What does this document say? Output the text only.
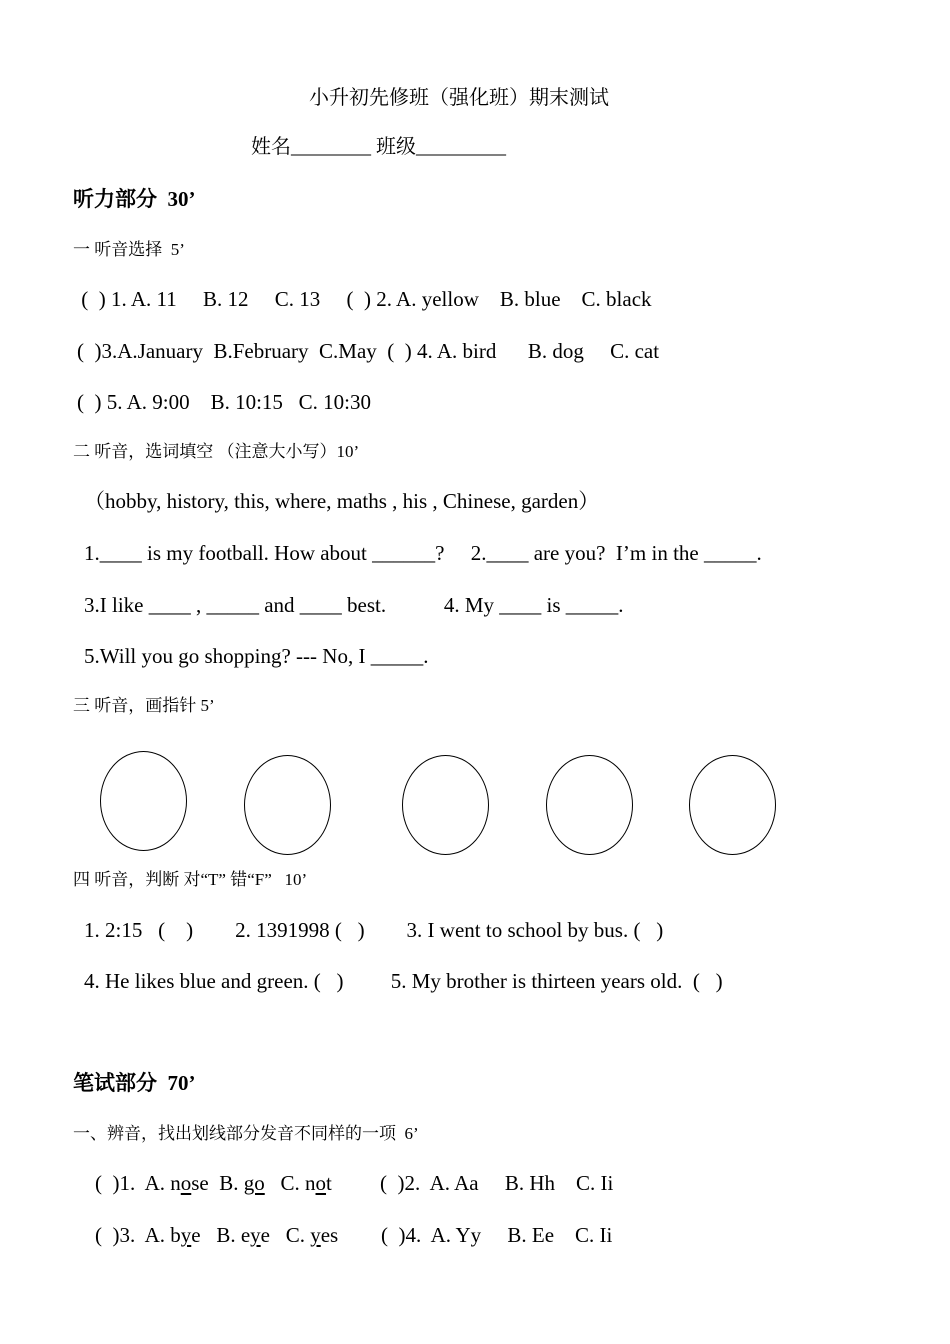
小升初先修班（强化班）期末测试
姓名________ 班级_________
听力部分  30’
一 听音选择  5’
(  ) 1. A. 11     B. 12     C. 13     (  ) 2. A. yellow    B. blue    C. black
(  )3.A.January  B.February  C.May  (  ) 4. A. bird      B. dog     C. cat
(  ) 5. A. 9:00    B. 10:15   C. 10:30
二 听音，选词填空 （注意大小写）10’
（hobby, history, this, where, maths , his , Chinese, garden）
1.____ is my football. How about ______?     2.____ are you?  I’m in the _____.
3.I like ____ , _____ and ____ best.           4. My ____ is _____.
5.Will you go shopping? --- No, I _____.
三 听音，画指针 5’
四 听音，判断 对“T” 错“F”   10’
1. 2:15   (    )        2. 1391998 (   )        3. I went to school by bus. (   )
4. He likes blue and green. (   )         5. My brother is thirteen years old.  (   )
笔试部分  70’
一、辨音，找出划线部分发音不同样的一项  6’
(  )1.  A. nose  B. go   C. not (  )2.  A. Aa     B. Hh    C. Ii
(  )3.  A. bye   B. eye   C. yes (  )4.  A. Yy     B. Ee    C. Ii
